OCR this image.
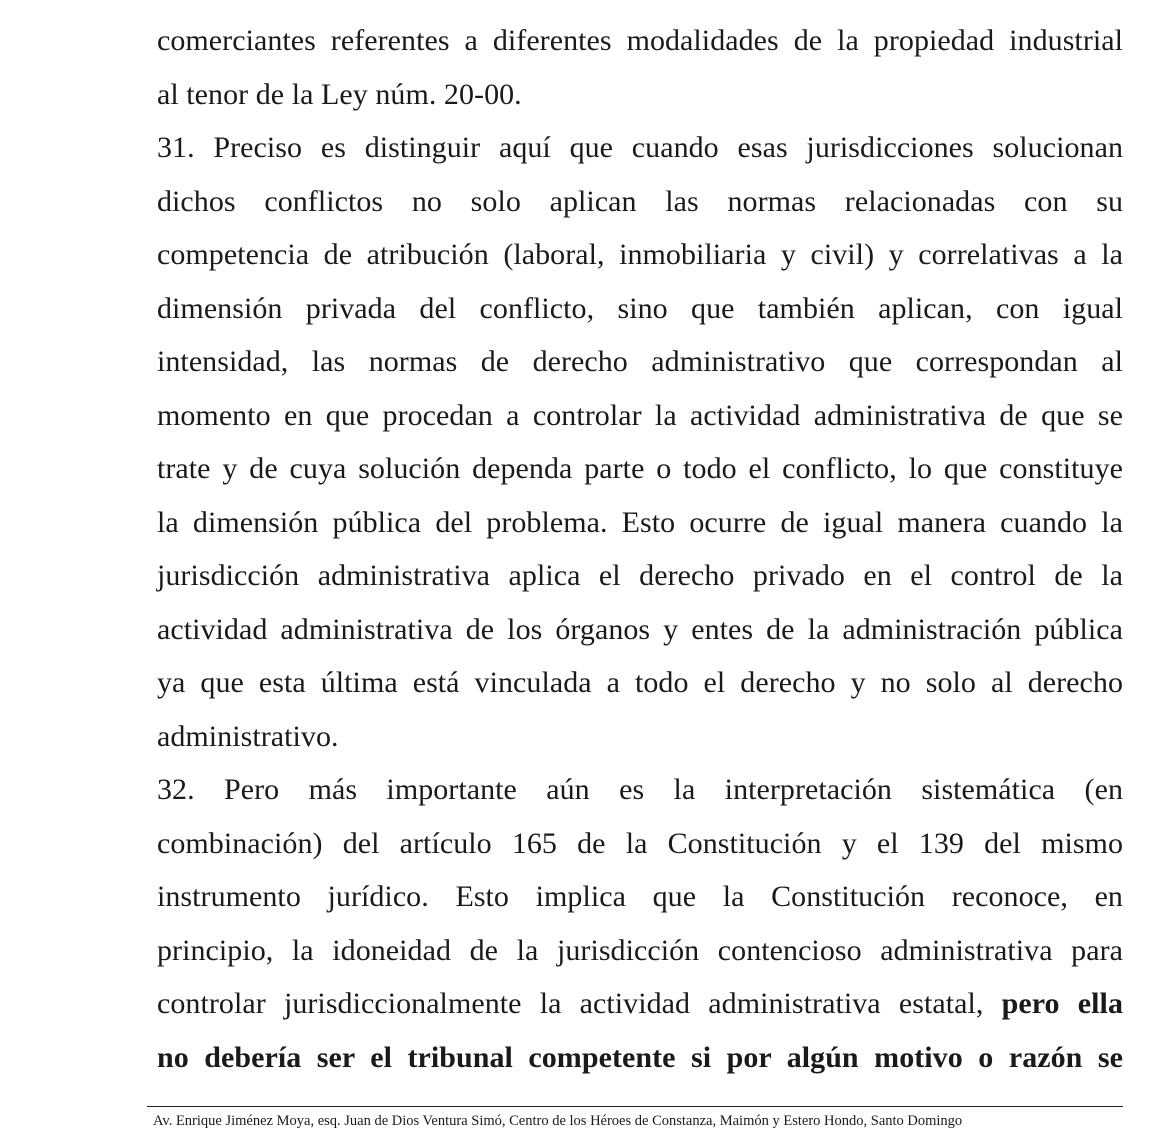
comerciantes referentes a diferentes modalidades de la propiedad industrial
al tenor de la Ley núm. 20-00.
31. Preciso es distinguir aquí que cuando esas jurisdicciones solucionan
dichos conflictos no solo aplican las normas relacionadas con su
competencia de atribución (laboral, inmobiliaria y civil) y correlativas a la
dimensión privada del conflicto, sino que también aplican, con igual
intensidad, las normas de derecho administrativo que correspondan al
momento en que procedan a controlar la actividad administrativa de que se
trate y de cuya solución dependa parte o todo el conflicto, lo que constituye
la dimensión pública del problema. Esto ocurre de igual manera cuando la
jurisdicción administrativa aplica el derecho privado en el control de la
actividad administrativa de los órganos y entes de la administración pública
ya que esta última está vinculada a todo el derecho y no solo al derecho
administrativo.
32. Pero más importante aún es la interpretación sistemática (en
combinación) del artículo 165 de la Constitución y el 139 del mismo
instrumento jurídico. Esto implica que la Constitución reconoce, en
principio, la idoneidad de la jurisdicción contencioso administrativa para
controlar jurisdiccionalmente la actividad administrativa estatal, pero ella
no debería ser el tribunal competente si por algún motivo o razón se
Av. Enrique Jiménez Moya, esq. Juan de Dios Ventura Simó, Centro de los Héroes de Constanza, Maimón y Estero Hondo, Santo Domingo
